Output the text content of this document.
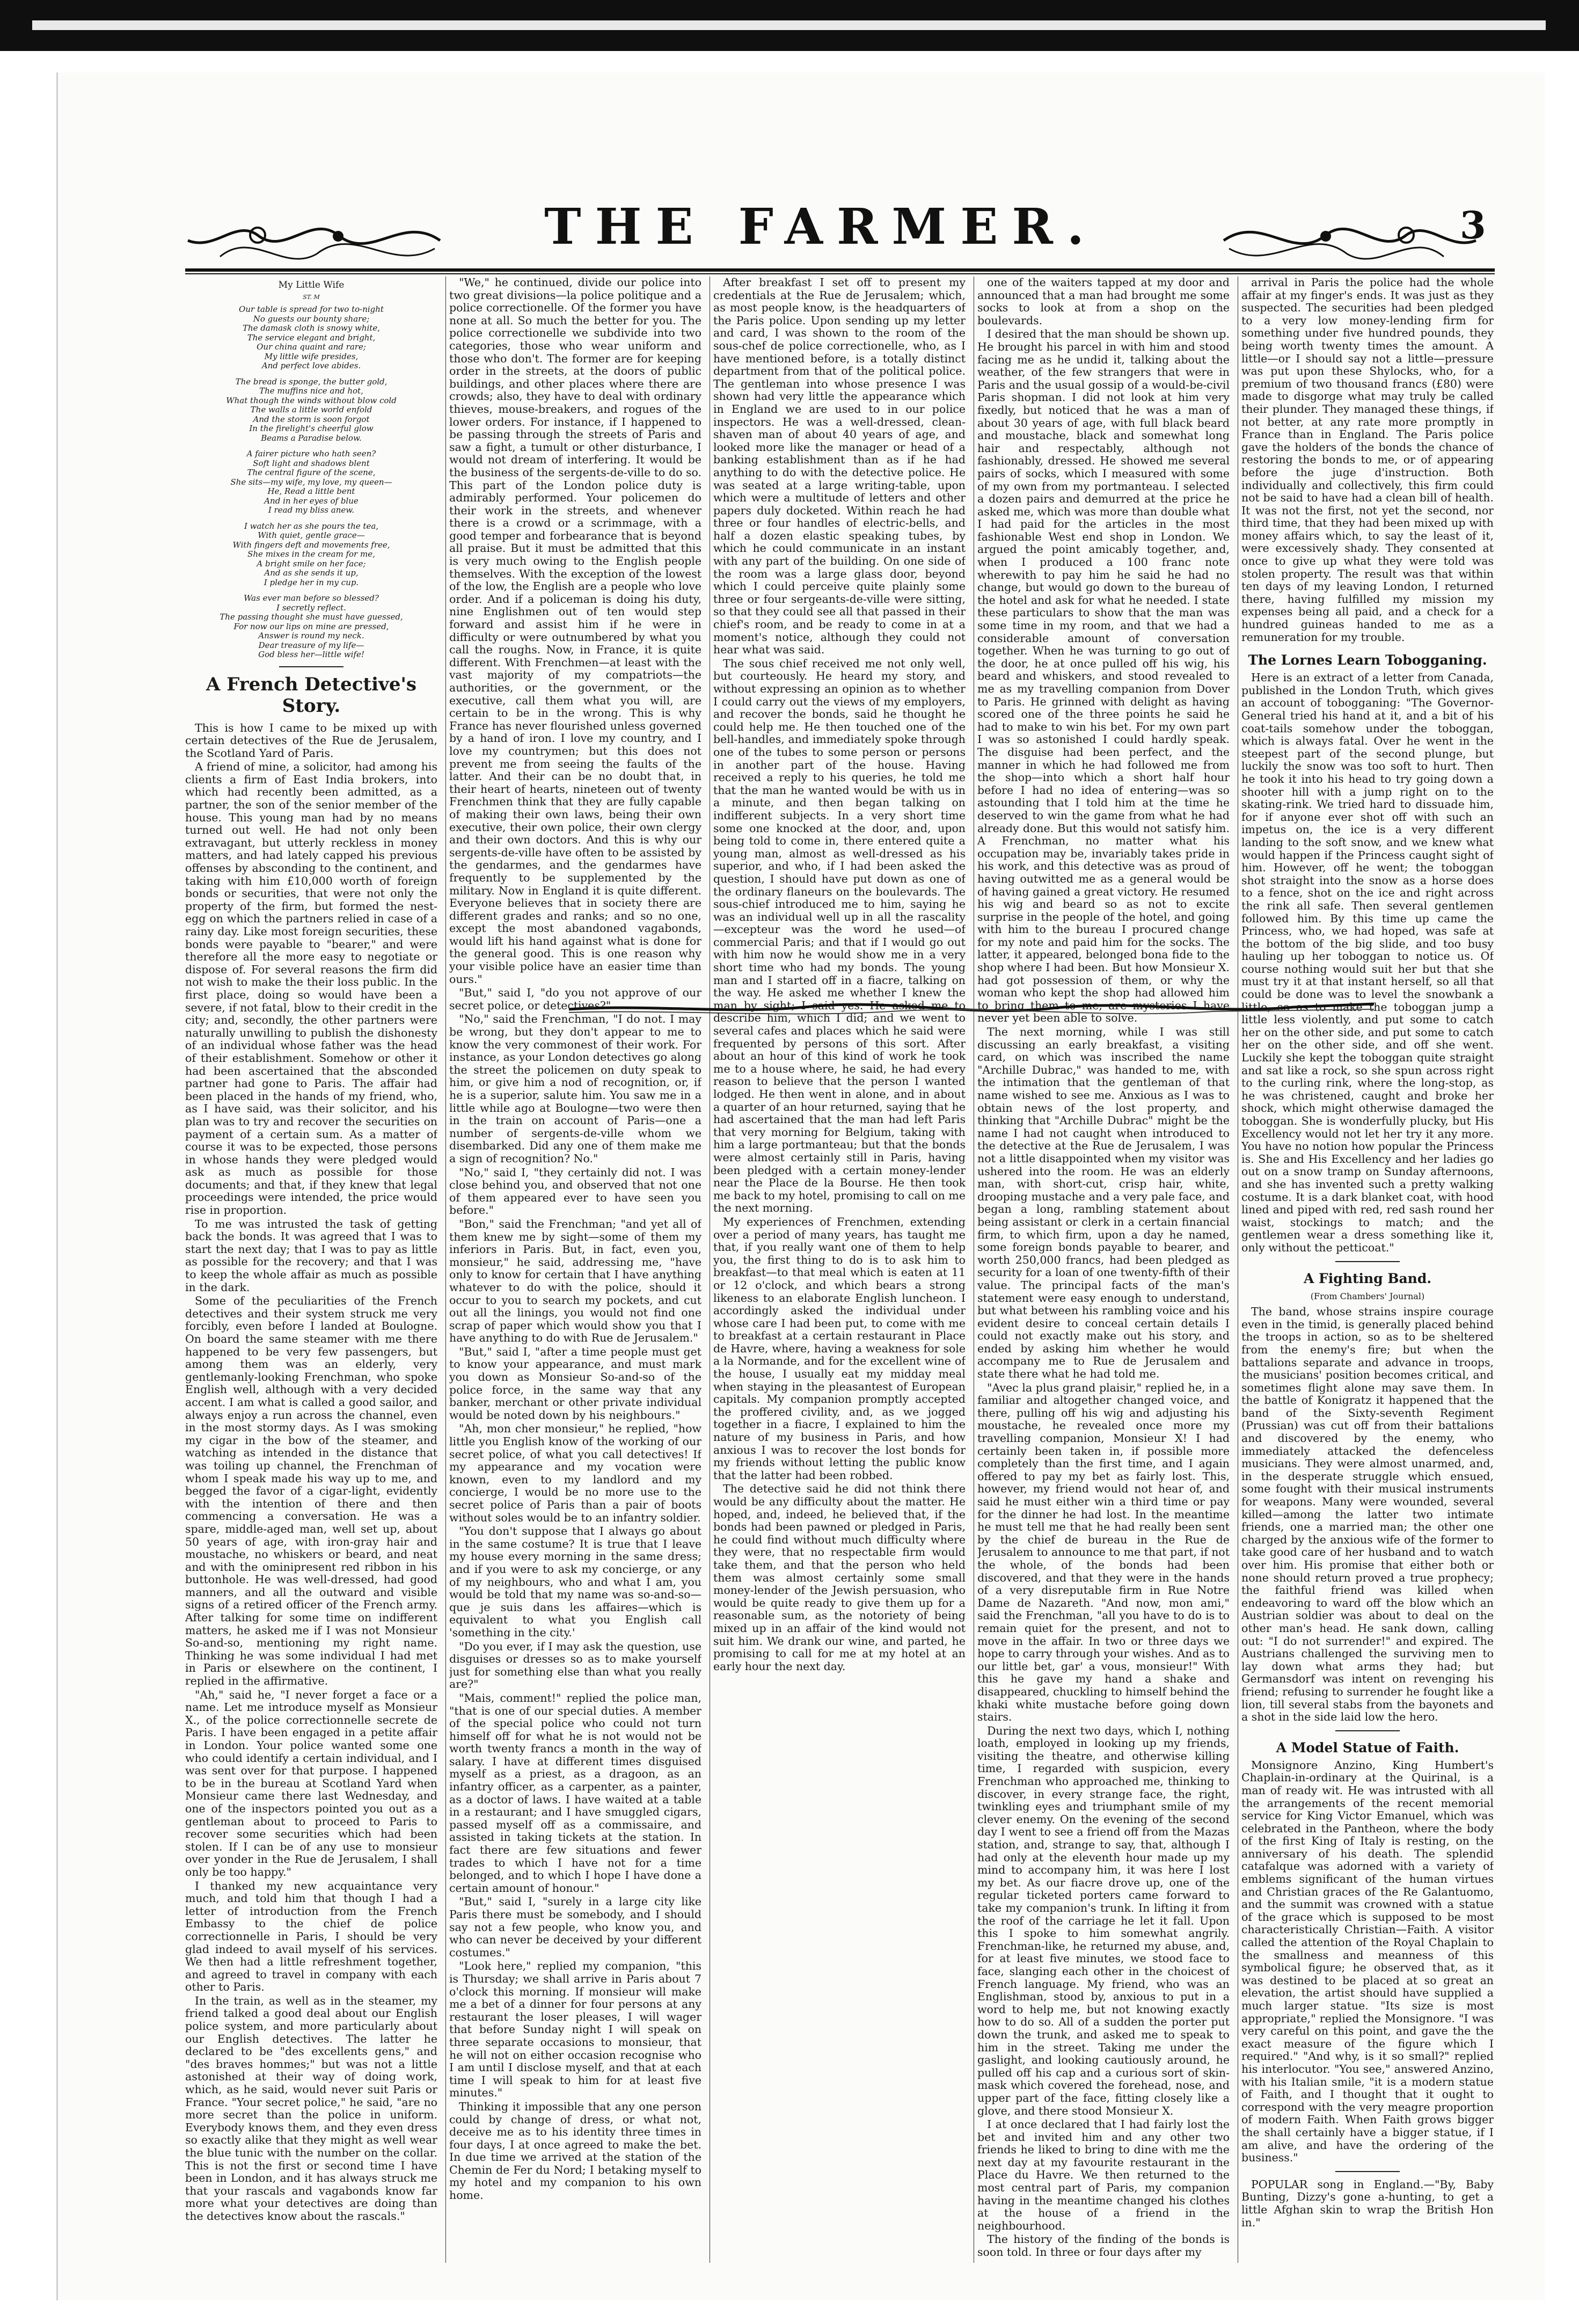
THE FARMER.	3
My Little Wife
ST. M
Our table is spread for two to-night
No guests our bounty share;
The damask cloth is snowy white,
The service elegant and bright,
Our china quaint and rare;
My little wife presides,
And perfect love abides.
The bread is sponge, the butter gold,
The muffins nice and hot,
What though the winds without blow cold
The walls a little world enfold
And the storm is soon forgot
In the firelight's cheerful glow
Beams a Paradise below.
A fairer picture who hath seen?
Soft light and shadows blent
The central figure of the scene,
She sits—my wife, my love, my queen—
He, Read a little bent
And in her eyes of blue
I read my bliss anew.
I watch her as she pours the tea,
With quiet, gentle grace—
With fingers deft and movements free,
She mixes in the cream for me,
A bright smile on her face;
And as she sends it up,
I pledge her in my cup.
Was ever man before so blessed?
I secretly reflect.
The passing thought she must have guessed,
For now our lips on mine are pressed,
Answer is round my neck.
Dear treasure of my life—
God bless her—little wife!
A French Detective's Story.

This is how I came to be mixed up with certain detectives of the Rue de Jerusalem, the Scotland Yard of Paris.

A friend of mine, a solicitor, had among his clients a firm of East India brokers, into which had recently been admitted, as a partner, the son of the senior member of the house. This young man had by no means turned out well. He had not only been extravagant, but utterly reckless in money matters, and had lately capped his previous offenses by absconding to the continent, and taking with him £10,000 worth of foreign bonds or securities, that were not only the property of the firm, but formed the nest-egg on which the partners relied in case of a rainy day. Like most foreign securities, these bonds were payable to "bearer," and were therefore all the more easy to negotiate or dispose of. For several reasons the firm did not wish to make the their loss public. In the first place, doing so would have been a severe, if not fatal, blow to their credit in the city; and, secondly, the other partners were naturally unwilling to publish the dishonesty of an individual whose father was the head of their establishment. Somehow or other it had been ascertained that the absconded partner had gone to Paris. The affair had been placed in the hands of my friend, who, as I have said, was their solicitor, and his plan was to try and recover the securities on payment of a certain sum. As a matter of course it was to be expected, those persons in whose hands they were pledged would ask as much as possible for those documents; and that, if they knew that legal proceedings were intended, the price would rise in proportion.

To me was intrusted the task of getting back the bonds. It was agreed that I was to start the next day; that I was to pay as little as possible for the recovery; and that I was to keep the whole affair as much as possible in the dark.

Some of the peculiarities of the French detectives and their system struck me very forcibly, even before I landed at Boulogne. On board the same steamer with me there happened to be very few passengers, but among them was an elderly, very gentlemanly-looking Frenchman, who spoke English well, although with a very decided accent. I am what is called a good sailor, and always enjoy a run across the channel, even in the most stormy days. As I was smoking my cigar in the bow of the steamer, and watching as intended in the distance that was toiling up channel, the Frenchman of whom I speak made his way up to me, and begged the favor of a cigar-light, evidently with the intention of there and then commencing a conversation. He was a spare, middle-aged man, well set up, about 50 years of age, with iron-gray hair and moustache, no whiskers or beard, and neat and with the ominipresent red ribbon in his buttonhole. He was well-dressed, had good manners, and all the outward and visible signs of a retired officer of the French army. After talking for some time on indifferent matters, he asked me if I was not Monsieur So-and-so, mentioning my right name. Thinking he was some individual I had met in Paris or elsewhere on the continent, I replied in the affirmative.

"Ah," said he, "I never forget a face or a name. Let me introduce myself as Monsieur X., of the police correctionnelle secrete de Paris. I have been engaged in a petite affair in London. Your police wanted some one who could identify a certain individual, and I was sent over for that purpose. I happened to be in the bureau at Scotland Yard when Monsieur came there last Wednesday, and one of the inspectors pointed you out as a gentleman about to proceed to Paris to recover some securities which had been stolen. If I can be of any use to monsieur over yonder in the Rue de Jerusalem, I shall only be too happy."

I thanked my new acquaintance very much, and told him that though I had a letter of introduction from the French Embassy to the chief de police correctionnelle in Paris, I should be very glad indeed to avail myself of his services. We then had a little refreshment together, and agreed to travel in company with each other to Paris.

In the train, as well as in the steamer, my friend talked a good deal about our English police system, and more particularly about our English detectives. The latter he declared to be "des excellents gens," and "des braves hommes;" but was not a little astonished at their way of doing work, which, as he said, would never suit Paris or France. "Your secret police," he said, "are no more secret than the police in uniform. Everybody knows them, and they even dress so exactly alike that they might as well wear the blue tunic with the number on the collar. This is not the first or second time I have been in London, and it has always struck me that your rascals and vagabonds know far more what your detectives are doing than the detectives know about the rascals."

"We," he continued, divide our police into two great divisions—la police politique and a police correctionelle. Of the former you have none at all. So much the better for you. The police correctionelle we subdivide into two categories, those who wear uniform and those who don't. The former are for keeping order in the streets, at the doors of public buildings, and other places where there are crowds; also, they have to deal with ordinary thieves, mouse-breakers, and rogues of the lower orders. For instance, if I happened to be passing through the streets of Paris and saw a fight, a tumult or other disturbance, I would not dream of interfering. It would be the business of the sergents-de-ville to do so. This part of the London police duty is admirably performed. Your policemen do their work in the streets, and whenever there is a crowd or a scrimmage, with a good temper and forbearance that is beyond all praise. But it must be admitted that this is very much owing to the English people themselves. With the exception of the lowest of the low, the English are a people who love order. And if a policeman is doing his duty, nine Englishmen out of ten would step forward and assist him if he were in difficulty or were outnumbered by what you call the roughs. Now, in France, it is quite different. With Frenchmen—at least with the vast majority of my compatriots—the authorities, or the government, or the executive, call them what you will, are certain to be in the wrong. This is why France has never flourished unless governed by a hand of iron. I love my country, and I love my countrymen; but this does not prevent me from seeing the faults of the latter. And their can be no doubt that, in their heart of hearts, nineteen out of twenty Frenchmen think that they are fully capable of making their own laws, being their own executive, their own police, their own clergy and their own doctors. And this is why our sergents-de-ville have often to be assisted by the gendarmes, and the gendarmes have frequently to be supplemented by the military. Now in England it is quite different. Everyone believes that in society there are different grades and ranks; and so no one, except the most abandoned vagabonds, would lift his hand against what is done for the general good. This is one reason why your visible police have an easier time than ours."

"But," said I, "do you not approve of our secret police, or detectives?"

"No," said the Frenchman, "I do not. I may be wrong, but they don't appear to me to know the very commonest of their work. For instance, as your London detectives go along the street the policemen on duty speak to him, or give him a nod of recognition, or, if he is a superior, salute him. You saw me in a little while ago at Boulogne—two were then in the train on account of Paris—one a number of sergents-de-ville whom we disembarked. Did any one of them make me a sign of recognition? No."

"No," said I, "they certainly did not. I was close behind you, and observed that not one of them appeared ever to have seen you before."

"Bon," said the Frenchman; "and yet all of them knew me by sight—some of them my inferiors in Paris. But, in fact, even you, monsieur," he said, addressing me, "have only to know for certain that I have anything whatever to do with the police, should it occur to you to search my pockets, and cut out all the linings, you would not find one scrap of paper which would show you that I have anything to do with Rue de Jerusalem."

"But," said I, "after a time people must get to know your appearance, and must mark you down as Monsieur So-and-so of the police force, in the same way that any banker, merchant or other private individual would be noted down by his neighbours."

"Ah, mon cher monsieur," he replied, "how little you English know of the working of our secret police, of what you call detectives! If my appearance and my vocation were known, even to my landlord and my concierge, I would be no more use to the secret police of Paris than a pair of boots without soles would be to an infantry soldier.

"You don't suppose that I always go about in the same costume? It is true that I leave my house every morning in the same dress; and if you were to ask my concierge, or any of my neighbours, who and what I am, you would be told that my name was so-and-so—que je suis dans les affaires—which is equivalent to what you English call 'something in the city.'

"Do you ever, if I may ask the question, use disguises or dresses so as to make yourself just for something else than what you really are?"

"Mais, comment!" replied the police man, "that is one of our special duties. A member of the special police who could not turn himself off for what he is not would not be worth twenty francs a month in the way of salary. I have at different times disguised myself as a priest, as a dragoon, as an infantry officer, as a carpenter, as a painter, as a doctor of laws. I have waited at a table in a restaurant; and I have smuggled cigars, passed myself off as a commissaire, and assisted in taking tickets at the station. In fact there are few situations and fewer trades to which I have not for a time belonged, and to which I hope I have done a certain amount of honour."

"But," said I, "surely in a large city like Paris there must be somebody, and I should say not a few people, who know you, and who can never be deceived by your different costumes."

"Look here," replied my companion, "this is Thursday; we shall arrive in Paris about 7 o'clock this morning. If monsieur will make me a bet of a dinner for four persons at any restaurant the loser pleases, I will wager that before Sunday night I will speak on three separate occasions to monsieur, that he will not on either occasion recognise who I am until I disclose myself, and that at each time I will speak to him for at least five minutes."

Thinking it impossible that any one person could by change of dress, or what not, deceive me as to his identity three times in four days, I at once agreed to make the bet. In due time we arrived at the station of the Chemin de Fer du Nord; I betaking myself to my hotel and my companion to his own home.

After breakfast I set off to present my credentials at the Rue de Jerusalem; which, as most people know, is the headquarters of the Paris police. Upon sending up my letter and card, I was shown to the room of the sous-chef de police correctionelle, who, as I have mentioned before, is a totally distinct department from that of the political police. The gentleman into whose presence I was shown had very little the appearance which in England we are used to in our police inspectors. He was a well-dressed, clean-shaven man of about 40 years of age, and looked more like the manager or head of a banking establishment than as if he had anything to do with the detective police. He was seated at a large writing-table, upon which were a multitude of letters and other papers duly docketed. Within reach he had three or four handles of electric-bells, and half a dozen elastic speaking tubes, by which he could communicate in an instant with any part of the building. On one side of the room was a large glass door, beyond which I could perceive quite plainly some three or four sergeants-de-ville were sitting, so that they could see all that passed in their chief's room, and be ready to come in at a moment's notice, although they could not hear what was said.

The sous chief received me not only well, but courteously. He heard my story, and without expressing an opinion as to whether I could carry out the views of my employers, and recover the bonds, said he thought he could help me. He then touched one of the bell-handles, and immediately spoke through one of the tubes to some person or persons in another part of the house. Having received a reply to his queries, he told me that the man he wanted would be with us in a minute, and then began talking on indifferent subjects. In a very short time some one knocked at the door, and, upon being told to come in, there entered quite a young man, almost as well-dressed as his superior, and who, if I had been asked the question, I should have put down as one of the ordinary flaneurs on the boulevards. The sous-chief introduced me to him, saying he was an individual well up in all the rascality—excepteur was the word he used—of commercial Paris; and that if I would go out with him now he would show me in a very short time who had my bonds. The young man and I started off in a fiacre, talking on the way. He asked me whether I knew the man by sight; I said yes. He asked me to describe him, which I did; and we went to several cafes and places which he said were frequented by persons of this sort. After about an hour of this kind of work he took me to a house where, he said, he had every reason to believe that the person I wanted lodged. He then went in alone, and in about a quarter of an hour returned, saying that he had ascertained that the man had left Paris that very morning for Belgium, taking with him a large portmanteau; but that the bonds were almost certainly still in Paris, having been pledged with a certain money-lender near the Place de la Bourse. He then took me back to my hotel, promising to call on me the next morning.

My experiences of Frenchmen, extending over a period of many years, has taught me that, if you really want one of them to help you, the first thing to do is to ask him to breakfast—to that meal which is eaten at 11 or 12 o'clock, and which bears a strong likeness to an elaborate English luncheon. I accordingly asked the individual under whose care I had been put, to come with me to breakfast at a certain restaurant in Place de Havre, where, having a weakness for sole a la Normande, and for the excellent wine of the house, I usually eat my midday meal when staying in the pleasantest of European capitals. My companion promptly accepted the proffered civility, and, as we jogged together in a fiacre, I explained to him the nature of my business in Paris, and how anxious I was to recover the lost bonds for my friends without letting the public know that the latter had been robbed.

The detective said he did not think there would be any difficulty about the matter. He hoped, and, indeed, he believed that, if the bonds had been pawned or pledged in Paris, he could find without much difficulty where they were, that no respectable firm would take them, and that the person who held them was almost certainly some small money-lender of the Jewish persuasion, who would be quite ready to give them up for a reasonable sum, as the notoriety of being mixed up in an affair of the kind would not suit him. We drank our wine, and parted, he promising to call for me at my hotel at an early hour the next day.

one of the waiters tapped at my door and announced that a man had brought me some socks to look at from a shop on the boulevards.

I desired that the man should be shown up. He brought his parcel in with him and stood facing me as he undid it, talking about the weather, of the few strangers that were in Paris and the usual gossip of a would-be-civil Paris shopman. I did not look at him very fixedly, but noticed that he was a man of about 30 years of age, with full black beard and moustache, black and somewhat long hair and respectably, although not fashionably, dressed. He showed me several pairs of socks, which I measured with some of my own from my portmanteau. I selected a dozen pairs and demurred at the price he asked me, which was more than double what I had paid for the articles in the most fashionable West end shop in London. We argued the point amicably together, and, when I produced a 100 franc note wherewith to pay him he said he had no change, but would go down to the bureau of the hotel and ask for what he needed. I state these particulars to show that the man was some time in my room, and that we had a considerable amount of conversation together. When he was turning to go out of the door, he at once pulled off his wig, his beard and whiskers, and stood revealed to me as my travelling companion from Dover to Paris. He grinned with delight as having scored one of the three points he said he had to make to win his bet. For my own part I was so astonished I could hardly speak. The disguise had been perfect, and the manner in which he had followed me from the shop—into which a short half hour before I had no idea of entering—was so astounding that I told him at the time he deserved to win the game from what he had already done. But this would not satisfy him. A Frenchman, no matter what his occupation may be, invariably takes pride in his work, and this detective was as proud of having outwitted me as a general would be of having gained a great victory. He resumed his wig and beard so as not to excite surprise in the people of the hotel, and going with him to the bureau I procured change for my note and paid him for the socks. The latter, it appeared, belonged bona fide to the shop where I had been. But how Monsieur X. had got possession of them, or why the woman who kept the shop had allowed him to bring them to me, are mysteries I have never yet been able to solve.

The next morning, while I was still discussing an early breakfast, a visiting card, on which was inscribed the name "Archille Dubrac," was handed to me, with the intimation that the gentleman of that name wished to see me. Anxious as I was to obtain news of the lost property, and thinking that "Archille Dubrac" might be the name I had not caught when introduced to the detective at the Rue de Jerusalem, I was not a little disappointed when my visitor was ushered into the room. He was an elderly man, with short-cut, crisp hair, white, drooping mustache and a very pale face, and began a long, rambling statement about being assistant or clerk in a certain financial firm, to which firm, upon a day he named, some foreign bonds payable to bearer, and worth 250,000 francs, had been pledged as security for a loan of one twenty-fifth of their value. The principal facts of the man's statement were easy enough to understand, but what between his rambling voice and his evident desire to conceal certain details I could not exactly make out his story, and ended by asking him whether he would accompany me to Rue de Jerusalem and state there what he had told me.

"Avec la plus grand plaisir," replied he, in a familiar and altogether changed voice, and there, pulling off his wig and adjusting his moustache, he revealed once more my travelling companion, Monsieur X! I had certainly been taken in, if possible more completely than the first time, and I again offered to pay my bet as fairly lost. This, however, my friend would not hear of, and said he must either win a third time or pay for the dinner he had lost. In the meantime he must tell me that he had really been sent by the chief de bureau in the Rue de Jerusalem to announce to me that part, if not the whole, of the bonds had been discovered, and that they were in the hands of a very disreputable firm in Rue Notre Dame de Nazareth. "And now, mon ami," said the Frenchman, "all you have to do is to remain quiet for the present, and not to move in the affair. In two or three days we hope to carry through your wishes. And as to our little bet, gar' a vous, monsieur!" With this he gave my hand a shake and disappeared, chuckling to himself behind the khaki white mustache before going down stairs.

During the next two days, which I, nothing loath, employed in looking up my friends, visiting the theatre, and otherwise killing time, I regarded with suspicion, every Frenchman who approached me, thinking to discover, in every strange face, the right, twinkling eyes and triumphant smile of my clever enemy. On the evening of the second day I went to see a friend off from the Mazas station, and, strange to say, that, although I had only at the eleventh hour made up my mind to accompany him, it was here I lost my bet. As our fiacre drove up, one of the regular ticketed porters came forward to take my companion's trunk. In lifting it from the roof of the carriage he let it fall. Upon this I spoke to him somewhat angrily. Frenchman-like, he returned my abuse, and, for at least five minutes, we stood face to face, slanging each other in the choicest of French language. My friend, who was an Englishman, stood by, anxious to put in a word to help me, but not knowing exactly how to do so. All of a sudden the porter put down the trunk, and asked me to speak to him in the street. Taking me under the gaslight, and looking cautiously around, he pulled off his cap and a curious sort of skin-mask which covered the forehead, nose, and upper part of the face, fitting closely like a glove, and there stood Monsieur X.

I at once declared that I had fairly lost the bet and invited him and any other two friends he liked to bring to dine with me the next day at my favourite restaurant in the Place du Havre. We then returned to the most central part of Paris, my companion having in the meantime changed his clothes at the house of a friend in the neighbourhood.

The history of the finding of the bonds is soon told. In three or four days after my

arrival in Paris the police had the whole affair at my finger's ends. It was just as they suspected. The securities had been pledged to a very low money-lending firm for something under five hundred pounds, they being worth twenty times the amount. A little—or I should say not a little—pressure was put upon these Shylocks, who, for a premium of two thousand francs (£80) were made to disgorge what may truly be called their plunder. They managed these things, if not better, at any rate more promptly in France than in England. The Paris police gave the holders of the bonds the chance of restoring the bonds to me, or of appearing before the juge d'instruction. Both individually and collectively, this firm could not be said to have had a clean bill of health. It was not the first, not yet the second, nor third time, that they had been mixed up with money affairs which, to say the least of it, were excessively shady. They consented at once to give up what they were told was stolen property. The result was that within ten days of my leaving London, I returned there, having fulfilled my mission my expenses being all paid, and a check for a hundred guineas handed to me as a remuneration for my trouble.

The Lornes Learn Tobogganing.

Here is an extract of a letter from Canada, published in the London Truth, which gives an account of tobogganing: "The Governor-General tried his hand at it, and a bit of his coat-tails somehow under the toboggan, which is always fatal. Over he went in the steepest part of the second plunge, but luckily the snow was too soft to hurt. Then he took it into his head to try going down a shooter hill with a jump right on to the skating-rink. We tried hard to dissuade him, for if anyone ever shot off with such an impetus on, the ice is a very different landing to the soft snow, and we knew what would happen if the Princess caught sight of him. However, off he went; the toboggan shot straight into the snow as a horse does to a fence, shot on the ice and right across the rink all safe. Then several gentlemen followed him. By this time up came the Princess, who, we had hoped, was safe at the bottom of the big slide, and too busy hauling up her toboggan to notice us. Of course nothing would suit her but that she must try it at that instant herself, so all that could be done was to level the snowbank a little, so as to make the toboggan jump a little less violently, and put some to catch her on the other side, and put some to catch her on the other side, and off she went. Luckily she kept the toboggan quite straight and sat like a rock, so she spun across right to the curling rink, where the long-stop, as he was christened, caught and broke her shock, which might otherwise damaged the toboggan. She is wonderfully plucky, but His Excellency would not let her try it any more. You have no notion how popular the Princess is. She and His Excellency and her ladies go out on a snow tramp on Sunday afternoons, and she has invented such a pretty walking costume. It is a dark blanket coat, with hood lined and piped with red, red sash round her waist, stockings to match; and the gentlemen wear a dress something like it, only without the petticoat."

A Fighting Band.
(From Chambers' Journal)

The band, whose strains inspire courage even in the timid, is generally placed behind the troops in action, so as to be sheltered from the enemy's fire; but when the battalions separate and advance in troops, the musicians' position becomes critical, and sometimes flight alone may save them. In the battle of Konigratz it happened that the band of the Sixty-seventh Regiment (Prussian) was cut off from their battalions and discovered by the enemy, who immediately attacked the defenceless musicians. They were almost unarmed, and, in the desperate struggle which ensued, some fought with their musical instruments for weapons. Many were wounded, several killed—among the latter two intimate friends, one a married man; the other one charged by the anxious wife of the former to take good care of her husband and to watch over him. His promise that either both or none should return proved a true prophecy; the faithful friend was killed when endeavoring to ward off the blow which an Austrian soldier was about to deal on the other man's head. He sank down, calling out: "I do not surrender!" and expired. The Austrians challenged the surviving men to lay down what arms they had; but Germansdorf was intent on revenging his friend; refusing to surrender he fought like a lion, till several stabs from the bayonets and a shot in the side laid low the hero.

A Model Statue of Faith.

Monsignore Anzino, King Humbert's Chaplain-in-ordinary at the Quirinal, is a man of ready wit. He was intrusted with all the arrangements of the recent memorial service for King Victor Emanuel, which was celebrated in the Pantheon, where the body of the first King of Italy is resting, on the anniversary of his death. The splendid catafalque was adorned with a variety of emblems significant of the human virtues and Christian graces of the Re Galantuomo, and the summit was crowned with a statue of the grace which is supposed to be most characteristically Christian—Faith. A visitor called the attention of the Royal Chaplain to the smallness and meanness of this symbolical figure; he observed that, as it was destined to be placed at so great an elevation, the artist should have supplied a much larger statue. "Its size is most appropriate," replied the Monsignore. "I was very careful on this point, and gave the the exact measure of the figure which I required." "And why, is it so small?" replied his interlocutor. "You see," answered Anzino, with his Italian smile, "it is a modern statue of Faith, and I thought that it ought to correspond with the very meagre proportion of modern Faith. When Faith grows bigger the shall certainly have a bigger statue, if I am alive, and have the ordering of the business."

POPULAR song in England.—"By, Baby Bunting, Dizzy's gone a-hunting, to get a little Afghan skin to wrap the British Hon in."
